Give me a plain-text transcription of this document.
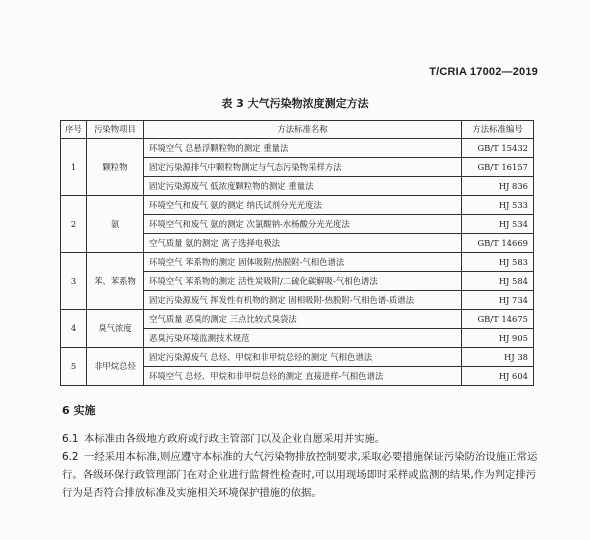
T/CRIA 17002—2019
表 3 大气污染物浓度测定方法
序号	污染物项目	方法标准名称	方法标准编号
1	颗粒物	环境空气 总悬浮颗粒物的测定 重量法	GB/T 15432
		固定污染源排气中颗粒物测定与气态污染物采样方法	GB/T 16157
		固定污染源废气 低浓度颗粒物的测定 重量法	HJ 836
2	氨	环境空气和废气 氨的测定 纳氏试剂分光光度法	HJ 533
		环境空气和废气 氨的测定 次氯酸钠-水杨酸分光光度法	HJ 534
		空气质量 氨的测定 离子选择电极法	GB/T 14669
3	苯、苯系物	环境空气 苯系物的测定 固体吸附/热脱附-气相色谱法	HJ 583
		环境空气 苯系物的测定 活性炭吸附/二硫化碳解吸-气相色谱法	HJ 584
		固定污染源废气 挥发性有机物的测定 固相吸附-热脱附-气相色谱-质谱法	HJ 734
4	臭气浓度	空气质量 恶臭的测定 三点比较式臭袋法	GB/T 14675
		恶臭污染环境监测技术规范	HJ 905
5	非甲烷总烃	固定污染源废气 总烃、甲烷和非甲烷总烃的测定 气相色谱法	HJ 38
		环境空气 总烃、甲烷和非甲烷总烃的测定 直接进样-气相色谱法	HJ 604
6 实施
6.1 本标准由各级地方政府或行政主管部门以及企业自愿采用并实施。
6.2 一经采用本标准,则应遵守本标准的大气污染物排放控制要求,采取必要措施保证污染防治设施正常运行。各级环保行政管理部门在对企业进行监督性检查时,可以用现场即时采样或监测的结果,作为判定排污行为是否符合排放标准及实施相关环境保护措施的依据。
